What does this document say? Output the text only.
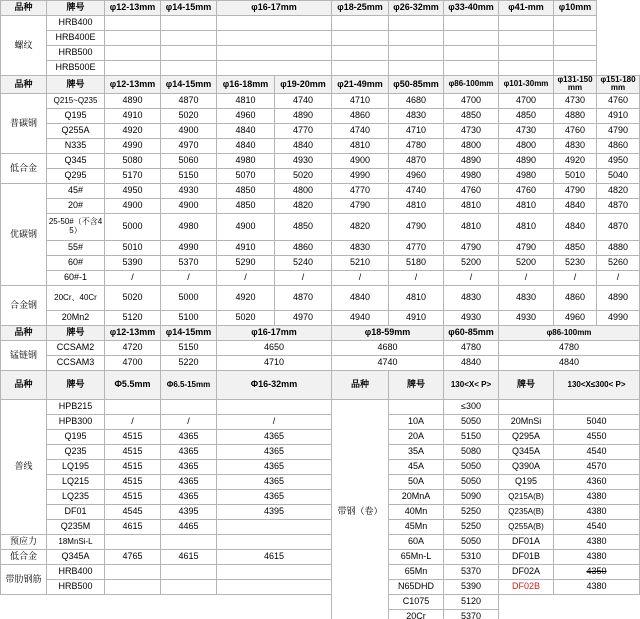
品种	牌号	φ12-13mm	φ14-15mm	φ16-17mm		φ18-25mm	φ26-32mm	φ33-40mm	φ41-mm	φ10mm	
螺纹	HRB400										
	HRB400E										
	HRB500										
	HRB500E										
品种	牌号	φ12-13mm	φ14-15mm	φ16-18mm	φ19-20mm	φ21-49mm	φ50-85mm	φ86-100mm	φ101-30mm	φ131-150mm	φ151-180mm
普碳钢	Q215~Q235	4890	4870	4810	4740	4710	4680	4700	4700	4730	4760
	Q195	4910	5020	4960	4890	4860	4830	4850	4850	4880	4910
	Q255A	4920	4900	4840	4770	4740	4710	4730	4730	4760	4790
	N335	4990	4970	4840	4840	4810	4780	4800	4800	4830	4860
低合金	Q345	5080	5060	4980	4930	4900	4870	4890	4890	4920	4950
	Q295	5170	5150	5070	5020	4990	4960	4980	4980	5010	5040
优碳钢	45#	4950	4930	4850	4800	4770	4740	4760	4760	4790	4820
	20#	4900	4900	4850	4820	4790	4810	4810	4810	4840	4870
	25-50#（不含45）	5000	4980	4900	4850	4820	4790	4810	4810	4840	4870
	55#	5010	4990	4910	4860	4830	4770	4790	4790	4850	4880
	60#	5390	5370	5290	5240	5210	5180	5200	5200	5230	5260
	60#-1	/	/	/	/	/	/	/	/	/	/
合金钢	20Cr、40Cr	5020	5000	4920	4870	4840	4810	4830	4830	4860	4890
	20Mn2	5120	5100	5020	4970	4940	4910	4930	4930	4960	4990
品种	牌号	φ12-13mm	φ14-15mm	φ16-17mm		φ18-59mm		φ60-85mm	φ86-100mm		
锰链钢	CCSAM2	4720	5150	4650		4680		4780	4780		
	CCSAM3	4700	5220	4710		4740		4840	4840		
品种	牌号	Φ5.5mm	Φ6.5-15mm	Φ16-32mm		品种	牌号	130<X< P>	牌号	130<X≤300< P>	
普线	HPB215					带钢（卷）		≤300			
	HPB300	/	/	/			10A	5050	20MnSi	5040	
	Q195	4515	4365	4365			20A	5150	Q295A	4550	
	Q235	4515	4365	4365			35A	5080	Q345A	4540	
	LQ195	4515	4365	4365			45A	5050	Q390A	4570	
	LQ215	4515	4365	4365			50A	5050	Q195	4360	
	LQ235	4515	4365	4365			20MnA	5090	Q215A(B)	4380	
	DF01	4545	4395	4395			40Mn	5250	Q235A(B)	4380	
	Q235M	4615	4465				45Mn	5250	Q255A(B)	4540	
预应力	18MnSi-L						60A	5050	DF01A	4380	
低合金	Q345A	4765	4615	4615			65Mn-L	5310	DF01B	4380	
带肋钢筋	HRB400						65Mn	5370	DF02A	4350	
	HRB500						N65DHD	5390	DF02B	4380	
							C1075	5120			
							20Cr	5370			
